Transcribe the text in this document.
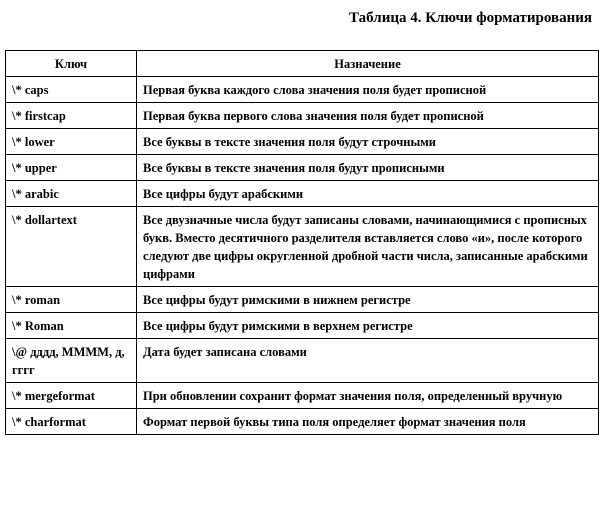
Таблица 4. Ключи форматирования
Ключ	Назначение
\* caps	Первая буква каждого слова значения поля будет прописной
\* firstcap	Первая буква первого слова значения поля будет прописной
\* lower	Все буквы в тексте значения поля будут строчными
\* upper	Все буквы в тексте значения поля будут прописными
\* arabic	Все цифры будут арабскими
\* dollartext	Все двузначные числа будут записаны словами, начинающимися с прописных букв. Вместо десятичного разделителя вставляется слово «и», после которого следуют две цифры округленной дробной части числа, записанные арабскими цифрами
\* roman	Все цифры будут римскими в нижнем регистре
\* Roman	Все цифры будут римскими в верхнем регистре
\@ дддд, ММММ, д, гггг	Дата будет записана словами
\* mergeformat	При обновлении сохранит формат значения поля, определенный вручную
\* charformat	Формат первой буквы типа поля определяет формат значения поля
